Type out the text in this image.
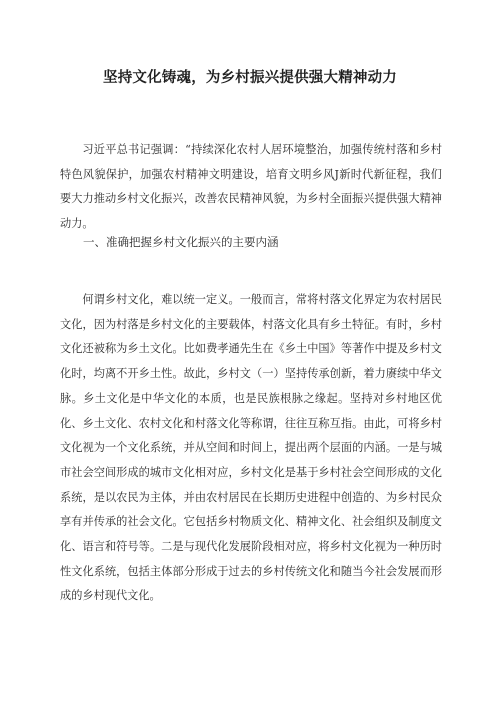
坚持文化铸魂，为乡村振兴提供强大精神动力

习近平总书记强调：“持续深化农村人居环境整治，加强传统村落和乡村特色风貌保护，加强农村精神文明建设，培育文明乡风J新时代新征程，我们要大力推动乡村文化振兴，改善农民精神风貌，为乡村全面振兴提供强大精神动力。

一、准确把握乡村文化振兴的主要内涵

何谓乡村文化，难以统一定义。一般而言，常将村落文化界定为农村居民文化，因为村落是乡村文化的主要载体，村落文化具有乡土特征。有时，乡村文化还被称为乡土文化。比如费孝通先生在《乡土中国》等著作中提及乡村文化时，均离不开乡土性。故此，乡村文（一）坚持传承创新，着力赓续中华文脉。乡土文化是中华文化的本质，也是民族根脉之缘起。坚持对乡村地区优化、乡土文化、农村文化和村落文化等称谓，往往互称互指。由此，可将乡村文化视为一个文化系统，并从空间和时间上，提出两个层面的内涵。一是与城市社会空间形成的城市文化相对应，乡村文化是基于乡村社会空间形成的文化系统，是以农民为主体，并由农村居民在长期历史进程中创造的、为乡村民众享有并传承的社会文化。它包括乡村物质文化、精神文化、社会组织及制度文化、语言和符号等。二是与现代化发展阶段相对应，将乡村文化视为一种历时性文化系统，包括主体部分形成于过去的乡村传统文化和随当今社会发展而形成的乡村现代文化。
